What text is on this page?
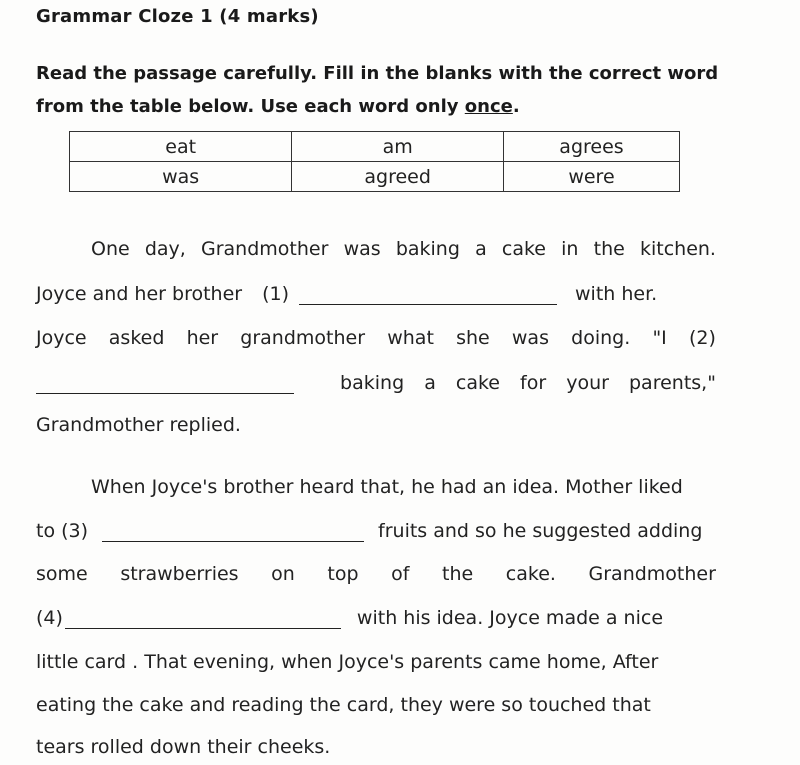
Grammar Cloze 1 (4 marks)
Read the passage carefully. Fill in the blanks with the correct word from the table below. Use each word only once.
eat	am	agrees
was	agreed	were
One day, Grandmother was baking a cake in the kitchen.
Joyce and her brother (1)	with her.
Joyce asked her grandmother what she was doing. "I (2)
baking a cake for your parents,"
Grandmother replied.
When Joyce's brother heard that, he had an idea. Mother liked
to (3)	fruits and so he suggested adding
some strawberries on top of the cake. Grandmother
(4)	with his idea. Joyce made a nice
little card . That evening, when Joyce's parents came home, After
eating the cake and reading the card, they were so touched that
tears rolled down their cheeks.
